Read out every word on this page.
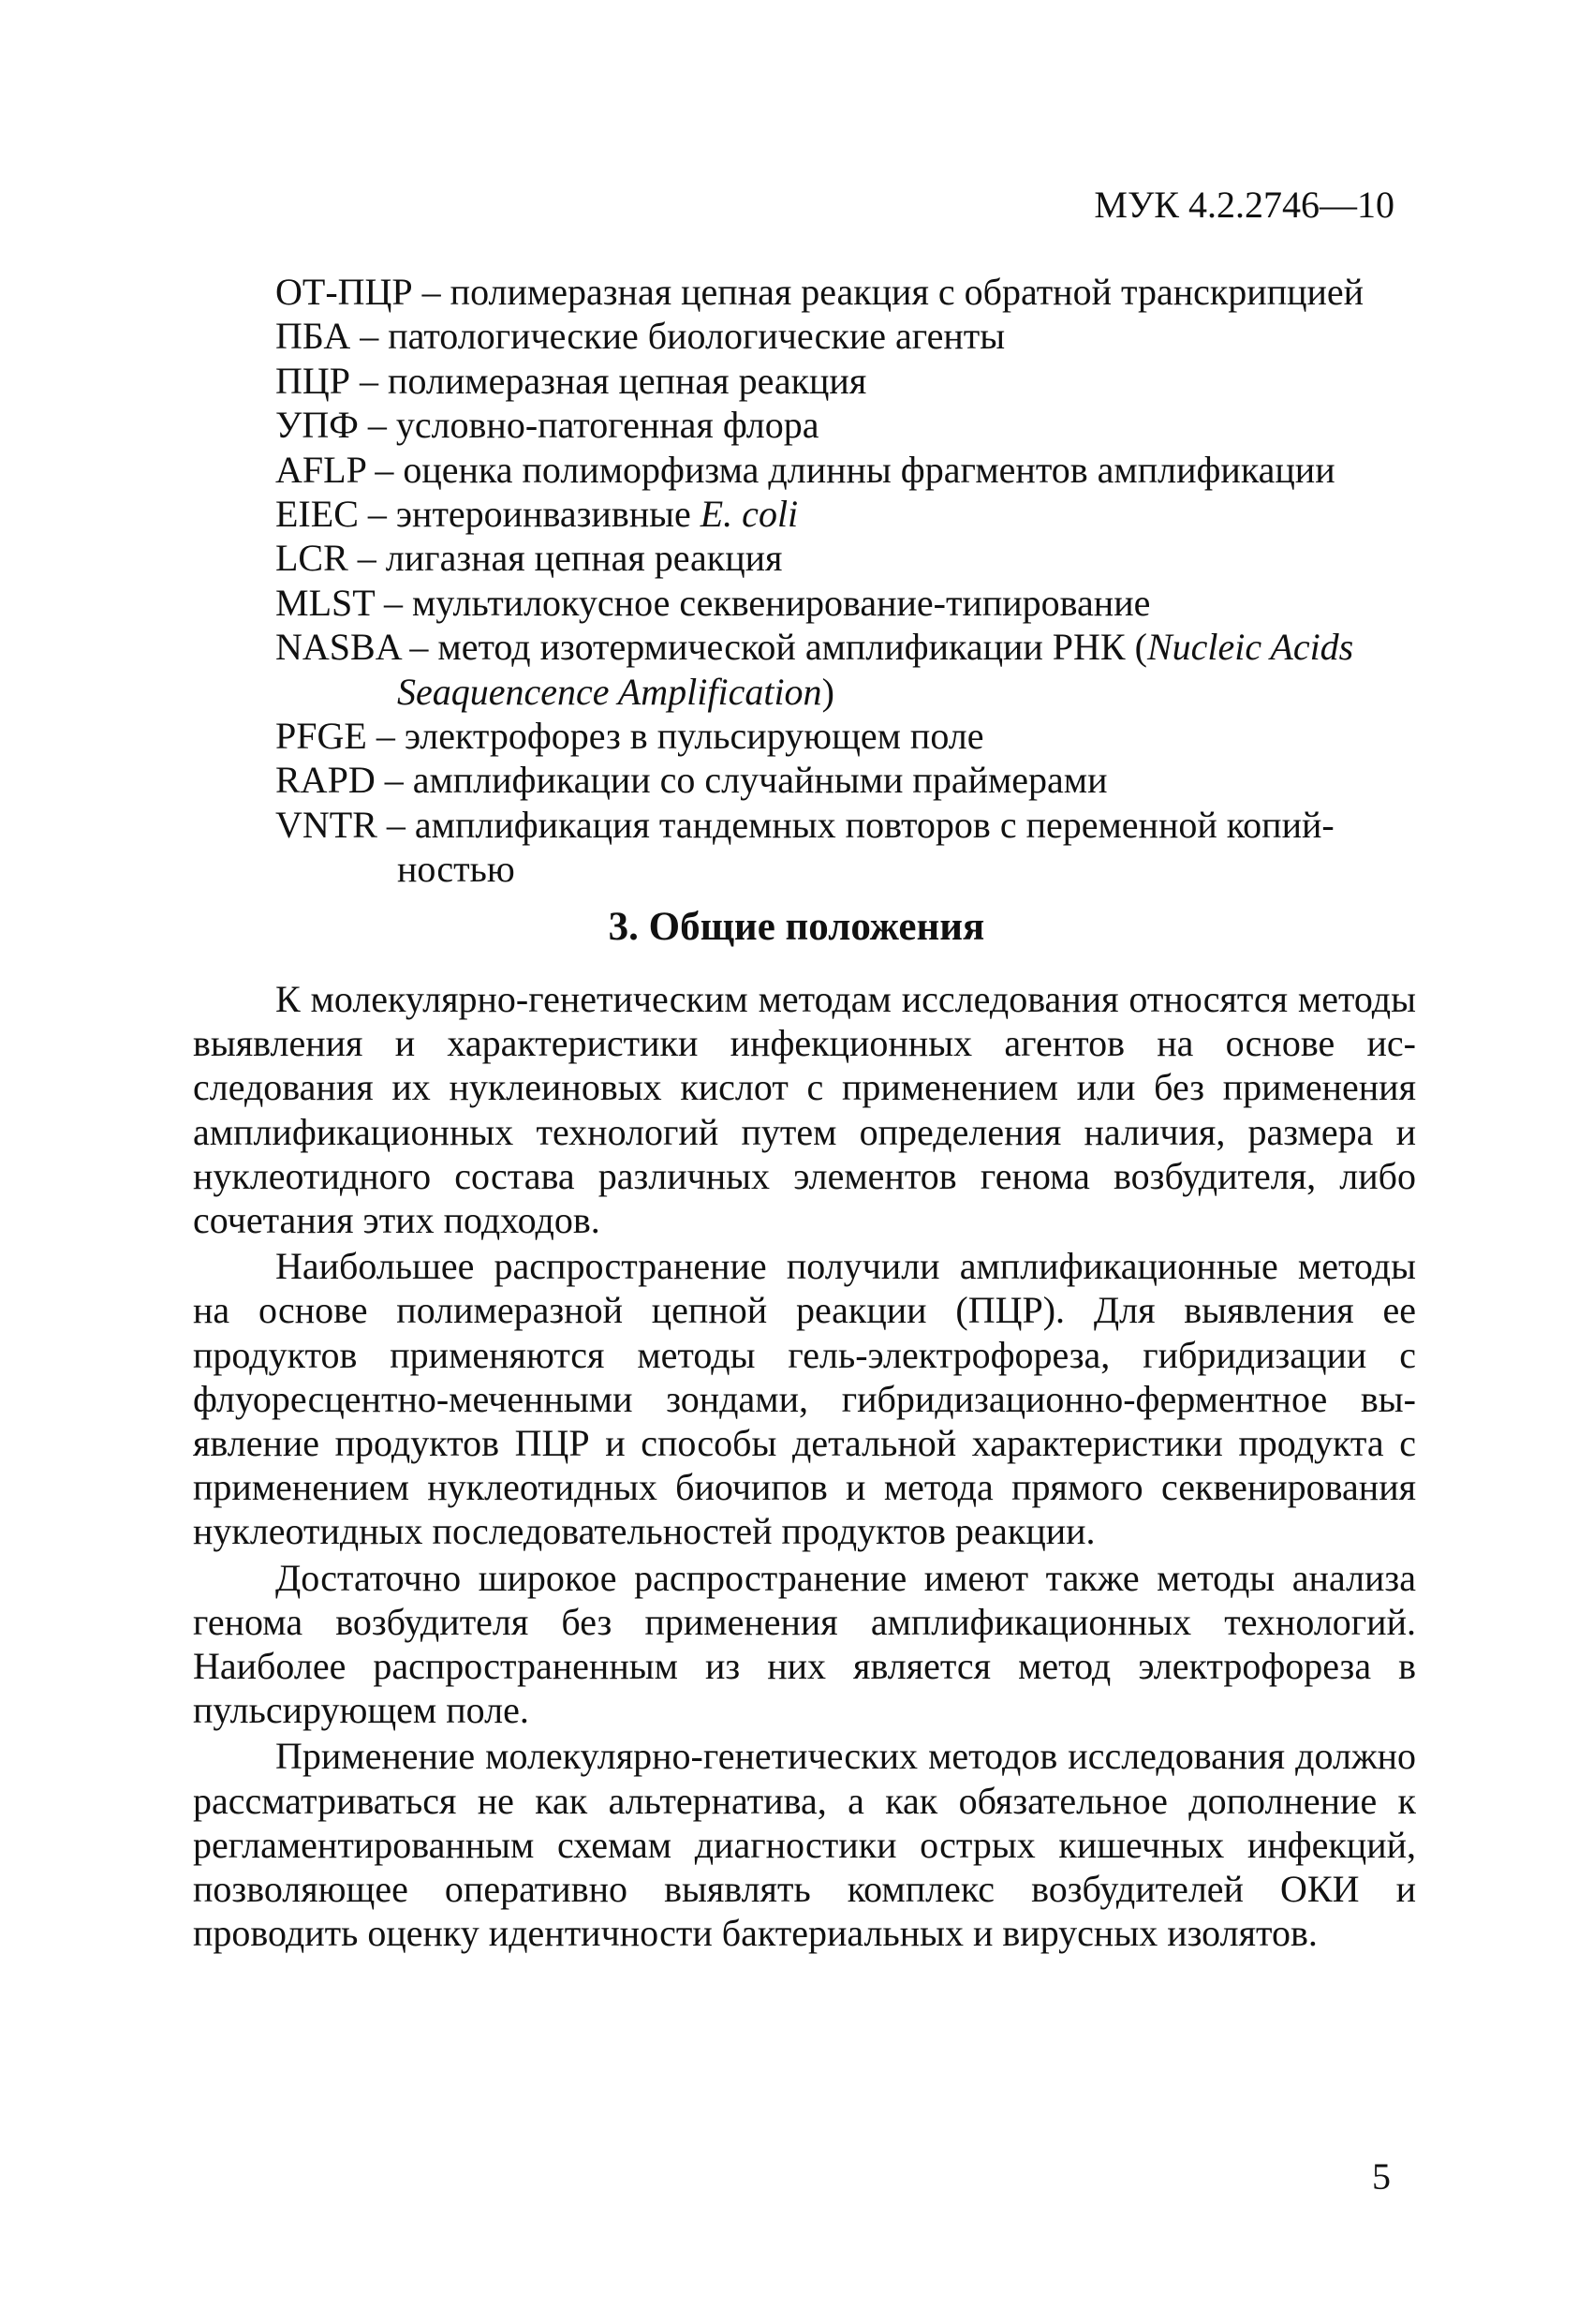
МУК 4.2.2746—10

ОТ-ПЦР – полимеразная цепная реакция с обратной транскрипцией

ПБА – патологические биологические агенты

ПЦР – полимеразная цепная реакция

УПФ – условно-патогенная флора

AFLP – оценка полиморфизма длинны фрагментов амплификации

EIEC – энтероинвазивные E. coli

LCR – лигазная цепная реакция

MLST – мультилокусное секвенирование-типирование

NASBA – метод изотермической амплификации РНК (Nucleic Acids
Seaquencence Amplification)

PFGE – электрофорез в пульсирующем поле

RAPD – амплификации со случайными праймерами

VNTR – амплификация тандемных повторов с переменной копий-
ностью

3. Общие положения

К молекулярно-генетическим методам исследования относятся методы выявления и характеристики инфекционных агентов на основе исследования их нуклеиновых кислот с применением или без применения амплификационных технологий путем определения наличия, размера и нуклеотидного состава различных элементов генома возбудителя, либо сочетания этих подходов.

Наибольшее распространение получили амплификационные методы на основе полимеразной цепной реакции (ПЦР). Для выявления ее продуктов применяются методы гель-электрофореза, гибридизации с флуоресцентно-меченными зондами, гибридизационно-ферментное выявление продуктов ПЦР и способы детальной характеристики продукта с применением нуклеотидных биочипов и метода прямого секвенирования нуклеотидных последовательностей продуктов реакции.

Достаточно широкое распространение имеют также методы анализа генома возбудителя без применения амплификационных технологий. Наиболее распространенным из них является метод электрофореза в пульсирующем поле.

Применение молекулярно-генетических методов исследования должно рассматриваться не как альтернатива, а как обязательное дополнение к регламентированным схемам диагностики острых кишечных инфекций, позволяющее оперативно выявлять комплекс возбудителей ОКИ и проводить оценку идентичности бактериальных и вирусных изолятов.

5
